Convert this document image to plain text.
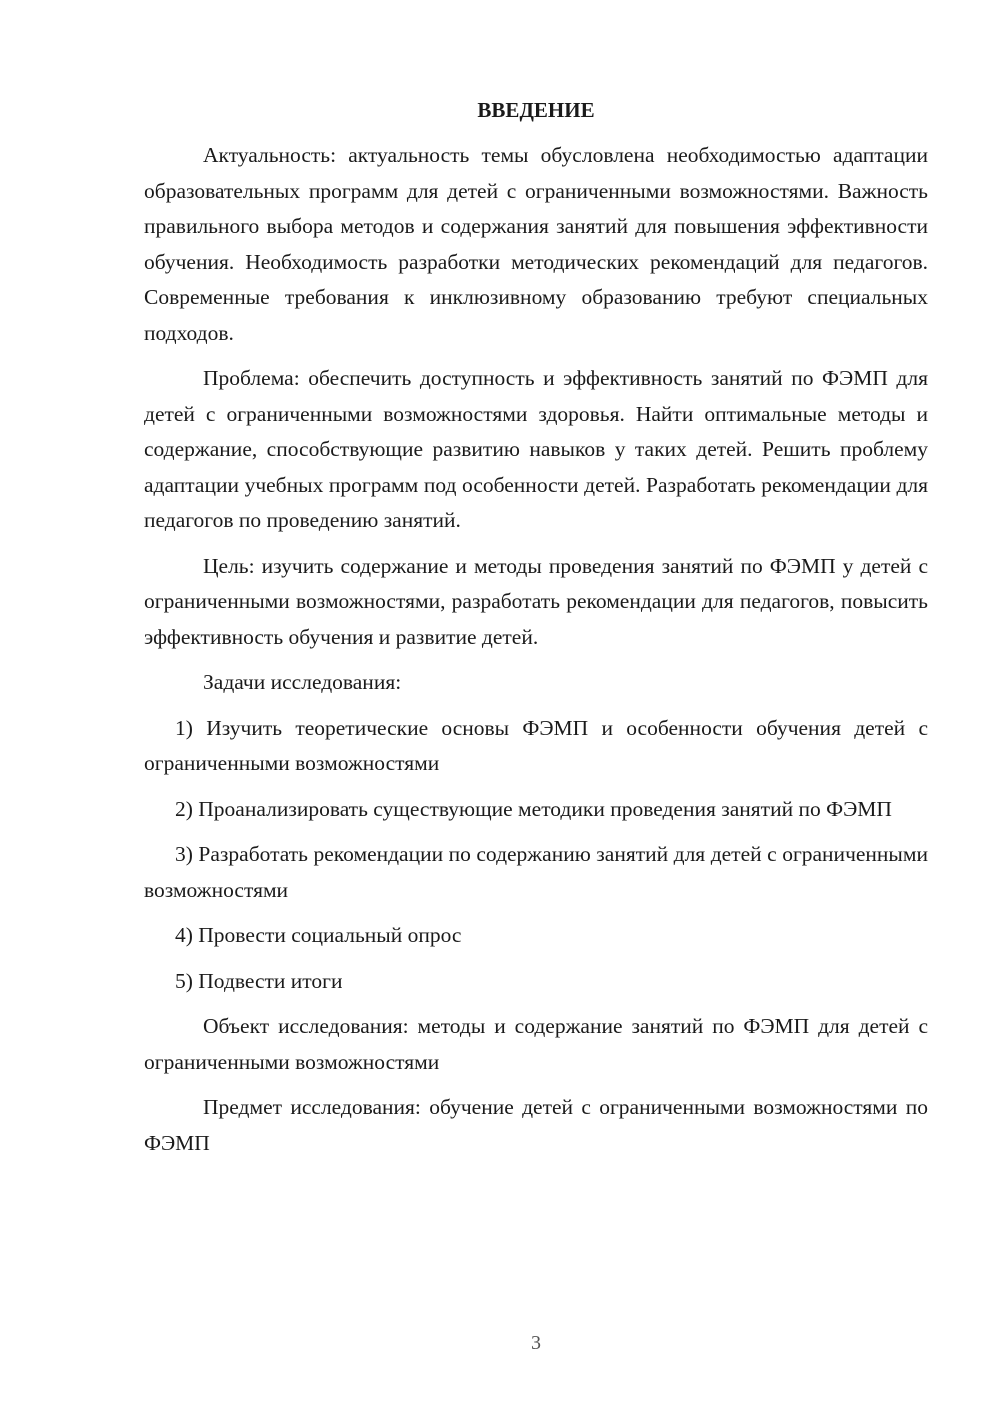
ВВЕДЕНИЕ

Актуальность: актуальность темы обусловлена необходимостью адаптации образовательных программ для детей с ограниченными возможностями. Важность правильного выбора методов и содержания занятий для повышения эффективности обучения. Необходимость разработки методических рекомендаций для педагогов. Современные требования к инклюзивному образованию требуют специальных подходов.

Проблема: обеспечить доступность и эффективность занятий по ФЭМП для детей с ограниченными возможностями здоровья. Найти оптимальные методы и содержание, способствующие развитию навыков у таких детей. Решить проблему адаптации учебных программ под особенности детей. Разработать рекомендации для педагогов по проведению занятий.

Цель: изучить содержание и методы проведения занятий по ФЭМП у детей с ограниченными возможностями, разработать рекомендации для педагогов, повысить эффективность обучения и развитие детей.

Задачи исследования:

1) Изучить теоретические основы ФЭМП и особенности обучения детей с ограниченными возможностями

2) Проанализировать существующие методики проведения занятий по ФЭМП

3) Разработать рекомендации по содержанию занятий для детей с ограниченными возможностями

4) Провести социальный опрос

5) Подвести итоги

Объект исследования: методы и содержание занятий по ФЭМП для детей с ограниченными возможностями

Предмет исследования: обучение детей с ограниченными возможностями по ФЭМП

3
